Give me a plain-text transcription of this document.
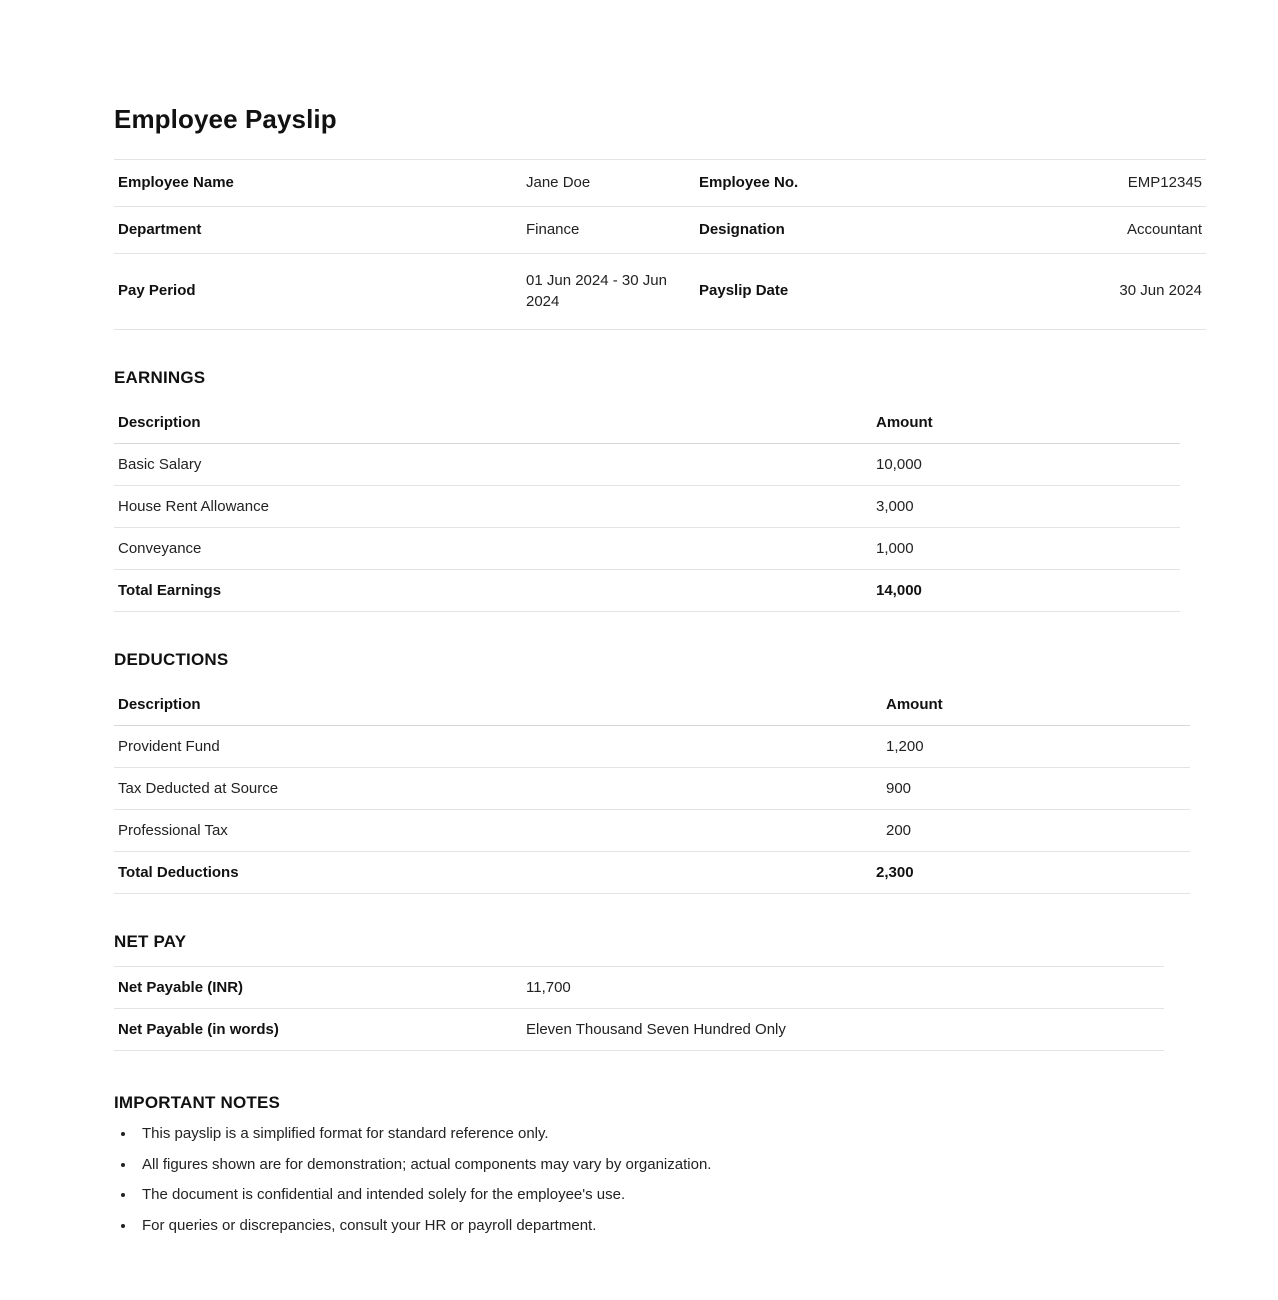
Employee Payslip
Employee Name	Jane Doe	Employee No.	EMP12345
Department	Finance	Designation	Accountant
Pay Period	01 Jun 2024 - 30 Jun 2024	Payslip Date	30 Jun 2024
EARNINGS
Description	Amount
Basic Salary	10,000
House Rent Allowance	3,000
Conveyance	1,000
Total Earnings	14,000
DEDUCTIONS
Description	Amount
Provident Fund	1,200
Tax Deducted at Source	900
Professional Tax	200
Total Deductions	2,300
NET PAY
Net Payable (INR)	11,700
Net Payable (in words)	Eleven Thousand Seven Hundred Only
IMPORTANT NOTES
• This payslip is a simplified format for standard reference only.
• All figures shown are for demonstration; actual components may vary by organization.
• The document is confidential and intended solely for the employee's use.
• For queries or discrepancies, consult your HR or payroll department.
